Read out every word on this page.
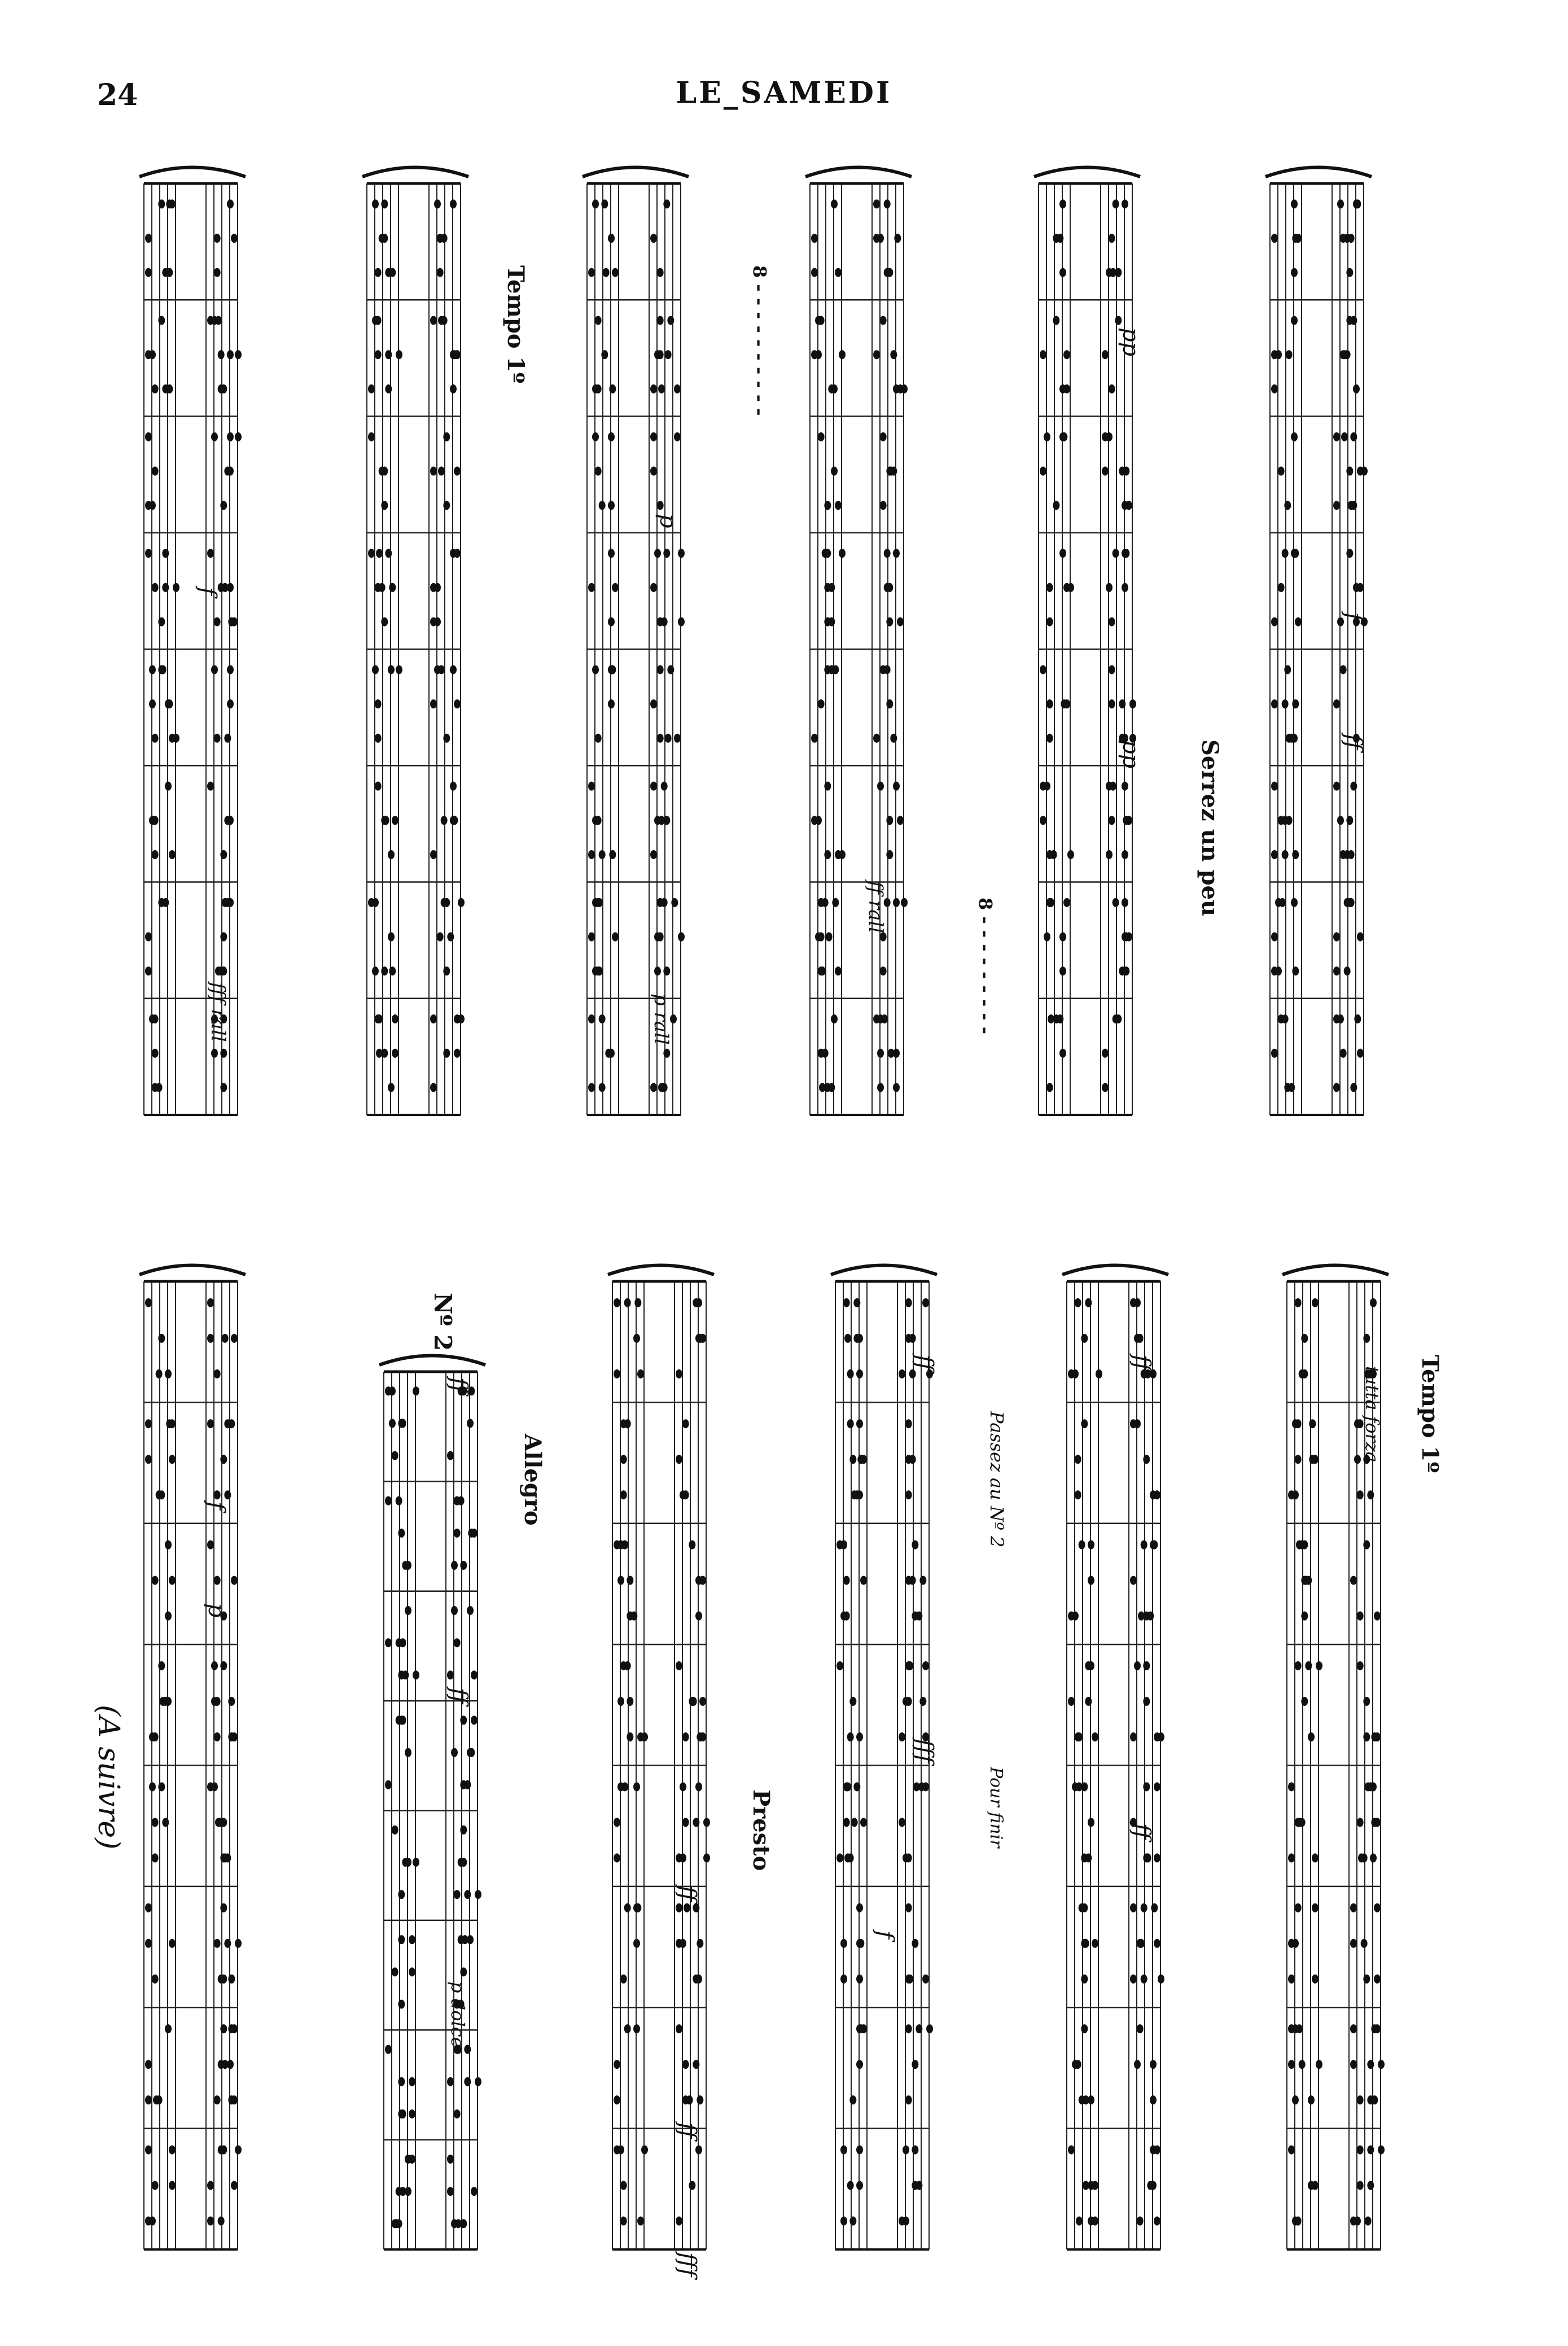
24	LE_SAMEDI
Tempo 1º	8 - - - - - - - - - -
8 - - - - - - - - -
Serrez un peu
p rall
fff rall
ff rall
p
pp
pp
f
f
ff
Nº 2
Allegro
Presto
Passez au Nº 2
Pour finir
Tempo 1º
tutta forza
(A suivre)
p dolce
f
p
ff
ff
ff
ff
fff
ff
fff
f
ff
ff
